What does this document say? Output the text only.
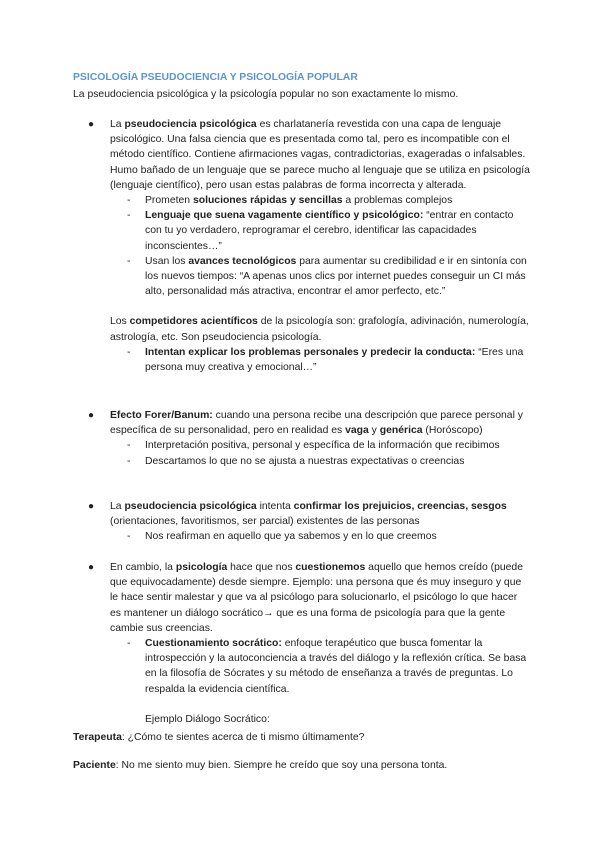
PSICOLOGÍA PSEUDOCIENCIA Y PSICOLOGÍA POPULAR

La pseudociencia psicológica y la psicología popular no son exactamente lo mismo.

● La pseudociencia psicológica es charlatanería revestida con una capa de lenguaje psicológico. Una falsa ciencia que es presentada como tal, pero es incompatible con el método científico. Contiene afirmaciones vagas, contradictorias, exageradas o infalsables. Humo bañado de un lenguaje que se parece mucho al lenguaje que se utiliza en psicología (lenguaje científico), pero usan estas palabras de forma incorrecta y alterada.

- Prometen soluciones rápidas y sencillas a problemas complejos
- Lenguaje que suena vagamente científico y psicológico: “entrar en contacto con tu yo verdadero, reprogramar el cerebro, identificar las capacidades inconscientes…”
- Usan los avances tecnológicos para aumentar su credibilidad e ir en sintonía con los nuevos tiempos: “A apenas unos clics por internet puedes conseguir un CI más alto, personalidad más atractiva, encontrar el amor perfecto, etc.”

Los competidores acientíficos de la psicología son: grafología, adivinación, numerología, astrología, etc. Son pseudociencia psicología.

- Intentan explicar los problemas personales y predecir la conducta: “Eres una persona muy creativa y emocional…”
● Efecto Forer/Banum: cuando una persona recibe una descripción que parece personal y específica de su personalidad, pero en realidad es vaga y genérica (Horóscopo)

- Interpretación positiva, personal y específica de la información que recibimos
- Descartamos lo que no se ajusta a nuestras expectativas o creencias
● La pseudociencia psicológica intenta confirmar los prejuicios, creencias, sesgos (orientaciones, favoritismos, ser parcial) existentes de las personas

- Nos reafirman en aquello que ya sabemos y en lo que creemos
● En cambio, la psicología hace que nos cuestionemos aquello que hemos creído (puede que equivocadamente) desde siempre. Ejemplo: una persona que és muy inseguro y que le hace sentir malestar y que va al psicólogo para solucionarlo, el psicólogo lo que hacer es mantener un diálogo socrático→ que es una forma de psicología para que la gente cambie sus creencias.

- Cuestionamiento socrático: enfoque terapéutico que busca fomentar la introspección y la autoconciencia a través del diálogo y la reflexión crítica. Se basa en la filosofía de Sócrates y su método de enseñanza a través de preguntas. Lo respalda la evidencia científica.

Ejemplo Diálogo Socrático:

Terapeuta: ¿Cómo te sientes acerca de ti mismo últimamente?

Paciente: No me siento muy bien. Siempre he creído que soy una persona tonta.
